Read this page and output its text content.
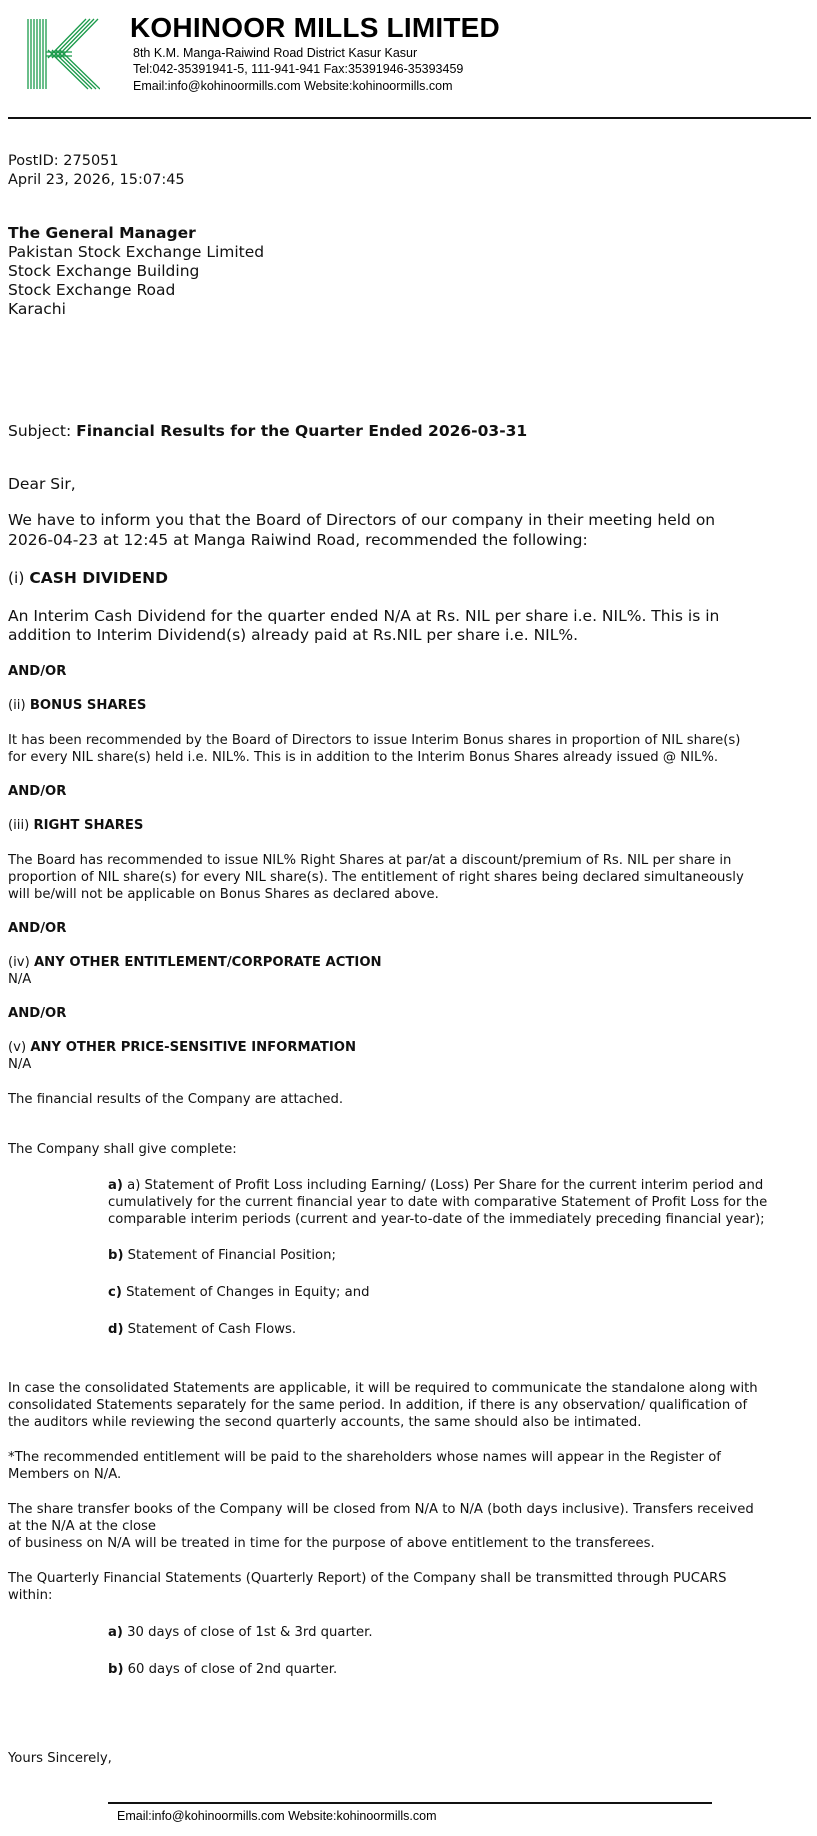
KOHINOOR MILLS LIMITED
8th K.M. Manga-Raiwind Road District Kasur Kasur
Tel:042-35391941-5, 111-941-941 Fax:35391946-35393459
Email:info@kohinoormills.com Website:kohinoormills.com
PostID: 275051
April 23, 2026, 15:07:45
The General Manager
Pakistan Stock Exchange Limited
Stock Exchange Building
Stock Exchange Road
Karachi
Subject: Financial Results for the Quarter Ended 2026-03-31
Dear Sir,
We have to inform you that the Board of Directors of our company in their meeting held on
2026-04-23 at 12:45 at Manga Raiwind Road, recommended the following:
(i) CASH DIVIDEND
An Interim Cash Dividend for the quarter ended N/A at Rs. NIL per share i.e. NIL%. This is in
addition to Interim Dividend(s) already paid at Rs.NIL per share i.e. NIL%.
AND/OR
(ii) BONUS SHARES
It has been recommended by the Board of Directors to issue Interim Bonus shares in proportion of NIL share(s)
for every NIL share(s) held i.e. NIL%. This is in addition to the Interim Bonus Shares already issued @ NIL%.
AND/OR
(iii) RIGHT SHARES
The Board has recommended to issue NIL% Right Shares at par/at a discount/premium of Rs. NIL per share in
proportion of NIL share(s) for every NIL share(s). The entitlement of right shares being declared simultaneously
will be/will not be applicable on Bonus Shares as declared above.
AND/OR
(iv) ANY OTHER ENTITLEMENT/CORPORATE ACTION
N/A
AND/OR
(v) ANY OTHER PRICE-SENSITIVE INFORMATION
N/A
The financial results of the Company are attached.
The Company shall give complete:
a) a) Statement of Profit Loss including Earning/ (Loss) Per Share for the current interim period and
cumulatively for the current financial year to date with comparative Statement of Profit Loss for the
comparable interim periods (current and year-to-date of the immediately preceding financial year);
b) Statement of Financial Position;
c) Statement of Changes in Equity; and
d) Statement of Cash Flows.
In case the consolidated Statements are applicable, it will be required to communicate the standalone along with
consolidated Statements separately for the same period. In addition, if there is any observation/ qualification of
the auditors while reviewing the second quarterly accounts, the same should also be intimated.
*The recommended entitlement will be paid to the shareholders whose names will appear in the Register of
Members on N/A.
The share transfer books of the Company will be closed from N/A to N/A (both days inclusive). Transfers received
at the N/A at the close
of business on N/A will be treated in time for the purpose of above entitlement to the transferees.
The Quarterly Financial Statements (Quarterly Report) of the Company shall be transmitted through PUCARS
within:
a) 30 days of close of 1st & 3rd quarter.
b) 60 days of close of 2nd quarter.
Yours Sincerely,
Email:info@kohinoormills.com Website:kohinoormills.com
